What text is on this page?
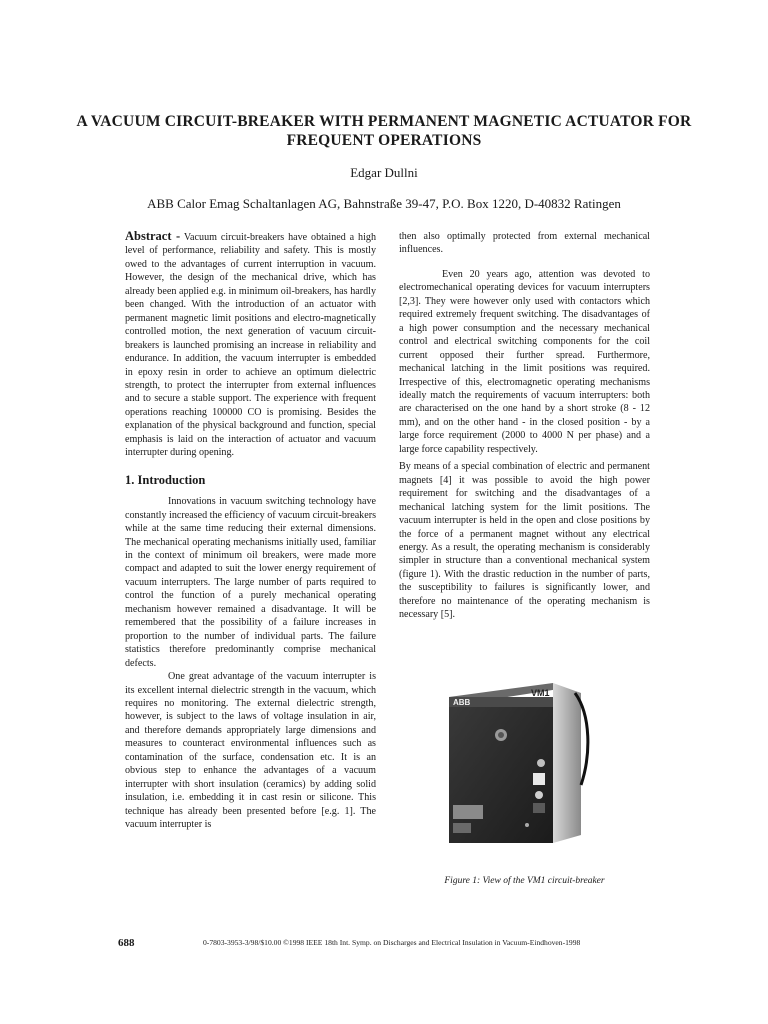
A VACUUM CIRCUIT-BREAKER WITH PERMANENT MAGNETIC ACTUATOR FOR FREQUENT OPERATIONS
Edgar Dullni
ABB Calor Emag Schaltanlagen AG, Bahnstraße 39-47, P.O. Box 1220, D-40832 Ratingen

Abstract - Vacuum circuit-breakers have obtained a high level of performance, reliability and safety. This is mostly owed to the advantages of current interruption in vacuum. However, the design of the mechanical drive, which has already been applied e.g. in minimum oil-breakers, has hardly been changed. With the introduction of an actuator with permanent magnetic limit positions and electro-magnetically controlled motion, the next generation of vacuum circuit-breakers is launched promising an increase in reliability and endurance. In addition, the vacuum interrupter is embedded in epoxy resin in order to achieve an optimum dielectric strength, to protect the interrupter from external influences and to secure a stable support. The experience with frequent operations reaching 100000 CO is promising. Besides the explanation of the physical background and function, special emphasis is laid on the interaction of actuator and vacuum interrupter during opening.

1. Introduction

Innovations in vacuum switching technology have constantly increased the efficiency of vacuum circuit-breakers while at the same time reducing their external dimensions. The mechanical operating mechanisms initially used, familiar in the context of minimum oil breakers, were made more compact and adapted to suit the lower energy requirement of vacuum interrupters. The large number of parts required to control the function of a purely mechanical operating mechanism however remained a disadvantage. It will be remembered that the possibility of a failure increases in proportion to the number of individual parts. The failure statistics therefore predominantly comprise mechanical defects.

One great advantage of the vacuum interrupter is its excellent internal dielectric strength in the vacuum, which requires no monitoring. The external dielectric strength, however, is subject to the laws of voltage insulation in air, and therefore demands appropriately large dimensions and measures to counteract environmental influences such as contamination of the surface, condensation etc. It is an obvious step to enhance the advantages of a vacuum interrupter with short insulation (ceramics) by adding solid insulation, i.e. embedding it in cast resin or silicone. This technique has already been presented before [e.g. 1]. The vacuum interrupter is

then also optimally protected from external mechanical influences.

Even 20 years ago, attention was devoted to electromechanical operating devices for vacuum interrupters [2,3]. They were however only used with contactors which required extremely frequent switching. The disadvantages of a high power consumption and the necessary mechanical control and electrical switching components for the coil current opposed their further spread. Furthermore, mechanical latching in the limit positions was required. Irrespective of this, electromagnetic operating mechanisms ideally match the requirements of vacuum interrupters: both are characterised on the one hand by a short stroke (8 - 12 mm), and on the other hand - in the closed position - by a large force requirement (2000 to 4000 N per phase) and a large force capability respectively.

By means of a special combination of electric and permanent magnets [4] it was possible to avoid the high power requirement for switching and the disadvantages of a mechanical latching system for the limit positions. The vacuum interrupter is held in the open and close positions by the force of a permanent magnet without any electrical energy. As a result, the operating mechanism is considerably simpler in structure than a conventional mechanical system (figure 1). With the drastic reduction in the number of parts, the susceptibility to failures is significantly lower, and therefore no maintenance of the operating mechanism is necessary [5].

ABB
VM1
Figure 1: View of the VM1 circuit-breaker
688	0-7803-3953-3/98/$10.00 ©1998 IEEE 18th Int. Symp. on Discharges and Electrical Insulation in Vacuum-Eindhoven-1998
